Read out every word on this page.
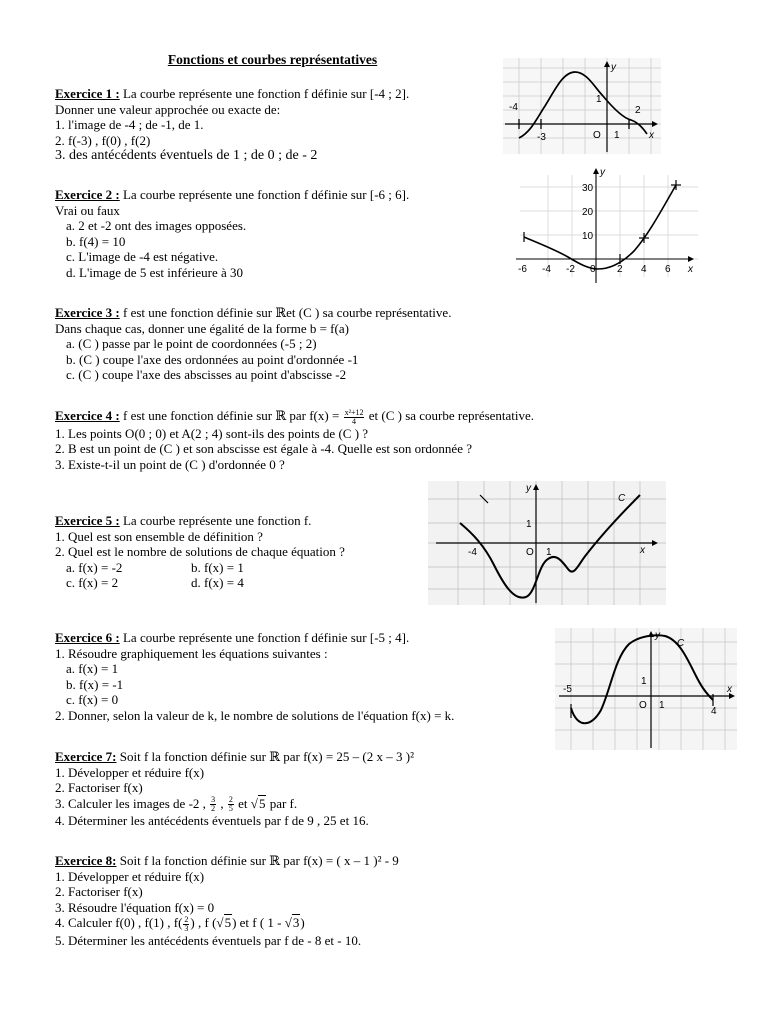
Fonctions et courbes représentatives
Exercice 1 : La courbe représente une fonction f définie sur [-4 ; 2].
Donner une valeur approchée ou exacte de:
1. l'image de -4 ; de -1, de 1.
2. f(-3) , f(0) , f(2)
3. des antécédents éventuels de 1 ; de 0 ; de - 2
-4
-3	O 1
2
x
y
1
Exercice 2 : La courbe représente une fonction f définie sur [-6 ; 6].
Vrai ou faux
a. 2 et -2 ont des images opposées.
b. f(4) = 10
c. L'image de -4 est négative.
d. L'image de 5 est inférieure à 30	-6 -4 -2 0 2 4 6 x
y
30
20
10
Exercice 3 : f est une fonction définie sur ℝet (C ) sa courbe représentative.
Dans chaque cas, donner une égalité de la forme b = f(a)
a. (C ) passe par le point de coordonnées (-5 ; 2)
b. (C ) coupe l'axe des ordonnées au point d'ordonnée -1
c. (C ) coupe l'axe des abscisses au point d'abscisse -2
Exercice 4 : f est une fonction définie sur ℝ par $f(x) = \frac{\text{x²+12}}{4}$ et (C ) sa courbe représentative.
1. Les points O(0 ; 0) et A(2 ; 4) sont-ils des points de (C ) ?
2. B est un point de (C ) et son abscisse est égale à -4. Quelle est son ordonnée ?
3. Existe-t-il un point de (C ) d'ordonnée 0 ?
Exercice 5 : La courbe représente une fonction f.
1. Quel est son ensemble de définition ?
2. Quel est le nombre de solutions de chaque équation ?
a. f(x) = -2	b. f(x) = 1
c. f(x) = 2	d. f(x) = 4
-4	O 1	x
y
1
C
Exercice 6 : La courbe représente une fonction f définie sur [-5 ; 4].
1. Résoudre graphiquement les équations suivantes :
a. f(x) = 1
b. f(x) = -1
c. f(x) = 0
2. Donner, selon la valeur de k, le nombre de solutions de l'équation f(x) = k.
-5
O 1
4
x
y
1
C
Exercice 7: Soit f la fonction définie sur ℝ par f(x) = 25 – (2 x – 3 )²
1. Développer et réduire f(x)
2. Factoriser f(x)
3. Calculer les images de -2 , $\frac{3}{2}$ , $\frac{2}{5}$ et √5 par f.
4. Déterminer les antécédents éventuels par f de 9 , 25 et 16.
Exercice 8: Soit f la fonction définie sur ℝ par f(x) = ( x – 1 )² - 9
1. Développer et réduire f(x)
2. Factoriser f(x)
3. Résoudre l'équation f(x) = 0
4. Calculer f(0) , f(1) , $f( \frac{2}{3}$ ) , f (√5) et f ( 1 - √3)
5. Déterminer les antécédents éventuels par f de - 8 et - 10.
